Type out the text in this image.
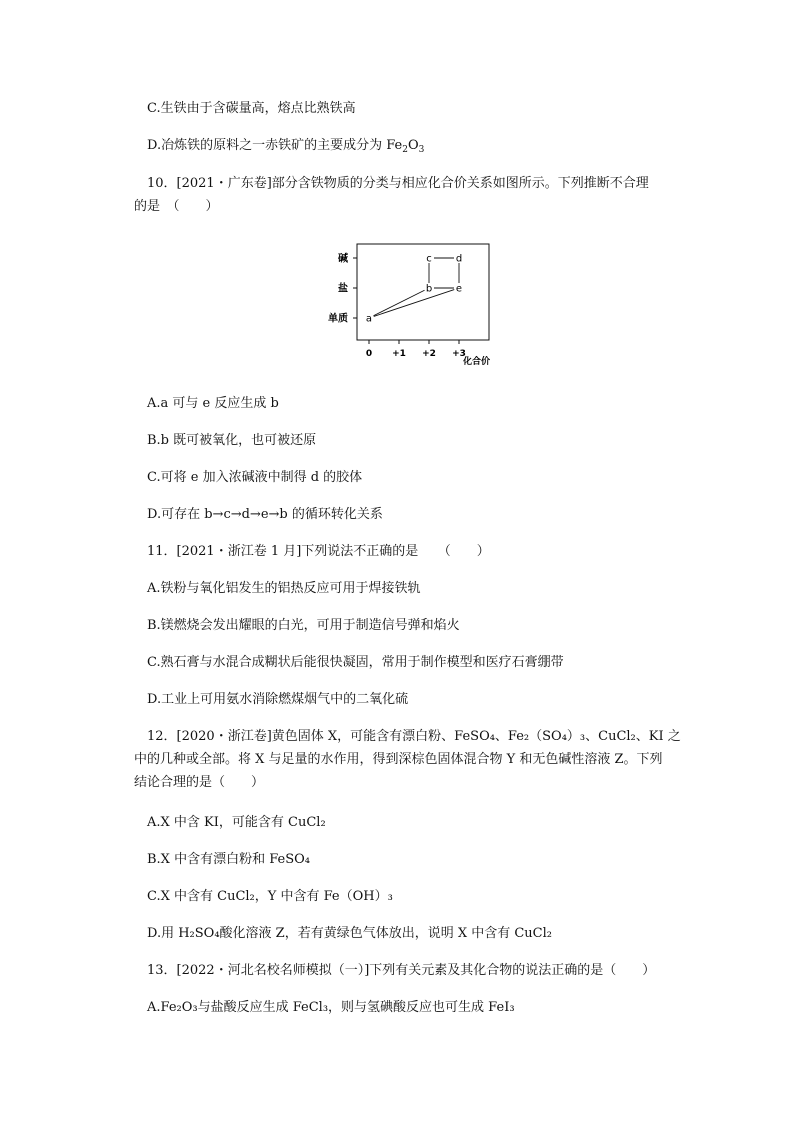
C.生铁由于含碳量高，熔点比熟铁高
D.冶炼铁的原料之一赤铁矿的主要成分为 $Fe_2O_3$
10．[2021・广东卷]部分含铁物质的分类与相应化合价关系如图所示。下列推断不合理
的是　（　　）
单质
盐
碱
0 +1 +2 +3
a
b
c d
e
化合价
A.a 可与 e 反应生成 b
B.b 既可被氧化，也可被还原
C.可将 e 加入浓碱液中制得 d 的胶体
D.可存在 b→c→d→e→b 的循环转化关系
11．[2021・浙江卷 1 月]下列说法不正确的是　　（　　）
A.铁粉与氧化铝发生的铝热反应可用于焊接铁轨
B.镁燃烧会发出耀眼的白光，可用于制造信号弹和焰火
C.熟石膏与水混合成糊状后能很快凝固，常用于制作模型和医疗石膏绷带
D.工业上可用氨水消除燃煤烟气中的二氧化硫
12．[2020・浙江卷]黄色固体 X，可能含有漂白粉、FeSO₄、Fe₂（SO₄）₃、CuCl₂、KI 之
中的几种或全部。将 X 与足量的水作用，得到深棕色固体混合物 Y 和无色碱性溶液 Z。下列
结论合理的是（　　）
A.X 中含 KI，可能含有 CuCl₂
B.X 中含有漂白粉和 FeSO₄
C.X 中含有 CuCl₂，Y 中含有 Fe（OH）₃
D.用 H₂SO₄酸化溶液 Z，若有黄绿色气体放出，说明 X 中含有 CuCl₂
13．[2022・河北名校名师模拟（一）]下列有关元素及其化合物的说法正确的是（　　）
A.Fe₂O₃与盐酸反应生成 FeCl₃，则与氢碘酸反应也可生成 FeI₃
